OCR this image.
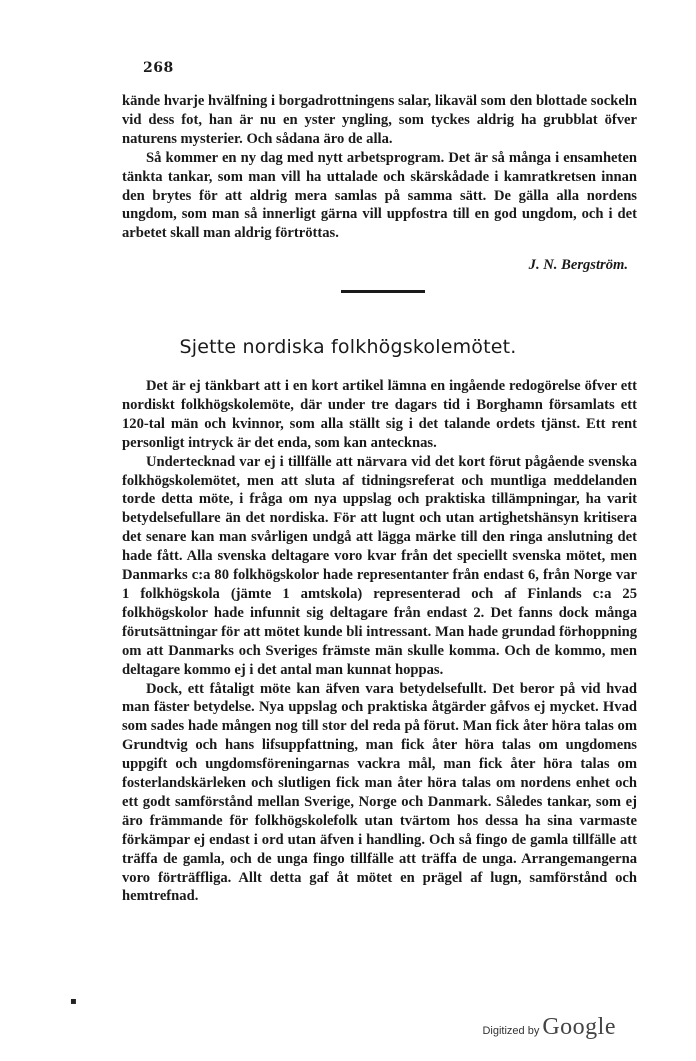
268

kände hvarje hvälfning i borgadrottningens salar, likaväl som den blottade sockeln vid dess fot, han är nu en yster yngling, som tyckes aldrig ha grubblat öfver naturens mysterier. Och sådana äro de alla.

Så kommer en ny dag med nytt arbetsprogram. Det är så många i ensamheten tänkta tankar, som man vill ha uttalade och skärskådade i kamratkretsen innan den brytes för att aldrig mera samlas på samma sätt. De gälla alla nordens ungdom, som man så innerligt gärna vill uppfostra till en god ungdom, och i det arbetet skall man aldrig förtröttas.

J. N. Bergström.
Sjette nordiska folkhögskolemötet.

Det är ej tänkbart att i en kort artikel lämna en ingående redogörelse öfver ett nordiskt folkhögskolemöte, där under tre dagars tid i Borghamn församlats ett 120-tal män och kvinnor, som alla ställt sig i det talande ordets tjänst. Ett rent personligt intryck är det enda, som kan antecknas.

Undertecknad var ej i tillfälle att närvara vid det kort förut pågående svenska folkhögskolemötet, men att sluta af tidningsreferat och muntliga meddelanden torde detta möte, i fråga om nya uppslag och praktiska tillämpningar, ha varit betydelsefullare än det nordiska. För att lugnt och utan artighetshänsyn kritisera det senare kan man svårligen undgå att lägga märke till den ringa anslutning det hade fått. Alla svenska deltagare voro kvar från det speciellt svenska mötet, men Danmarks c:a 80 folkhögskolor hade representanter från endast 6, från Norge var 1 folkhögskola (jämte 1 amtskola) representerad och af Finlands c:a 25 folkhögskolor hade infunnit sig deltagare från endast 2. Det fanns dock många förutsättningar för att mötet kunde bli intressant. Man hade grundad förhoppning om att Danmarks och Sveriges främste män skulle komma. Och de kommo, men deltagare kommo ej i det antal man kunnat hoppas.

Dock, ett fåtaligt möte kan äfven vara betydelsefullt. Det beror på vid hvad man fäster betydelse. Nya uppslag och praktiska åtgärder gåfvos ej mycket. Hvad som sades hade mången nog till stor del reda på förut. Man fick åter höra talas om Grundtvig och hans lifsuppfattning, man fick åter höra talas om ungdomens uppgift och ungdomsföreningarnas vackra mål, man fick åter höra talas om fosterlandskärleken och slutligen fick man åter höra talas om nordens enhet och ett godt samförstånd mellan Sverige, Norge och Danmark. Således tankar, som ej äro främmande för folkhögskolefolk utan tvärtom hos dessa ha sina varmaste förkämpar ej endast i ord utan äfven i handling. Och så fingo de gamla tillfälle att träffa de gamla, och de unga fingo tillfälle att träffa de unga. Arrangemangerna voro förträffliga. Allt detta gaf åt mötet en prägel af lugn, samförstånd och hemtrefnad.

▪
Digitized by Google
